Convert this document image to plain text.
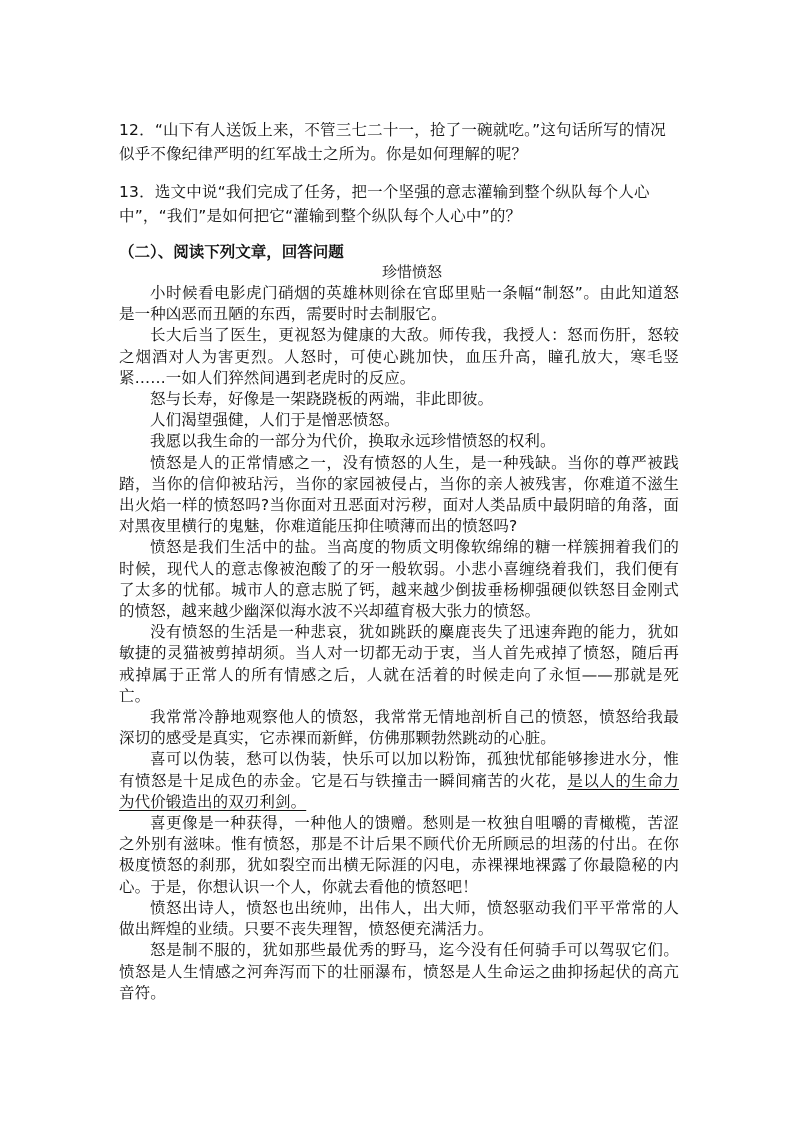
12．“山下有人送饭上来，不管三七二十一，抢了一碗就吃。”这句话所写的情况似乎不像纪律严明的红军战士之所为。你是如何理解的呢？

13．选文中说“我们完成了任务，把一个坚强的意志灌输到整个纵队每个人心中”，“我们”是如何把它“灌输到整个纵队每个人心中”的？

（二）、阅读下列文章，回答问题

珍惜愤怒

小时候看电影虎门硝烟的英雄林则徐在官邸里贴一条幅“制怒”。由此知道怒是一种凶恶而丑陋的东西，需要时时去制服它。

长大后当了医生，更视怒为健康的大敌。师传我，我授人：怒而伤肝，怒较之烟酒对人为害更烈。人怒时，可使心跳加快，血压升高，瞳孔放大，寒毛竖紧……一如人们猝然间遇到老虎时的反应。

怒与长寿，好像是一架跷跷板的两端，非此即彼。

人们渴望强健，人们于是憎恶愤怒。

我愿以我生命的一部分为代价，换取永远珍惜愤怒的权利。

愤怒是人的正常情感之一，没有愤怒的人生，是一种残缺。当你的尊严被践踏，当你的信仰被玷污，当你的家园被侵占，当你的亲人被残害，你难道不滋生出火焰一样的愤怒吗?当你面对丑恶面对污秽，面对人类品质中最阴暗的角落，面对黑夜里横行的鬼魅，你难道能压抑住喷薄而出的愤怒吗?

愤怒是我们生活中的盐。当高度的物质文明像软绵绵的糖一样簇拥着我们的时候，现代人的意志像被泡酸了的牙一般软弱。小悲小喜缠绕着我们，我们便有了太多的忧郁。城市人的意志脱了钙，越来越少倒拔垂杨柳强硬似铁怒目金刚式的愤怒，越来越少幽深似海水波不兴却蕴育极大张力的愤怒。

没有愤怒的生活是一种悲哀，犹如跳跃的麋鹿丧失了迅速奔跑的能力，犹如敏捷的灵猫被剪掉胡须。当人对一切都无动于衷，当人首先戒掉了愤怒，随后再戒掉属于正常人的所有情感之后，人就在活着的时候走向了永恒——那就是死亡。

我常常冷静地观察他人的愤怒，我常常无情地剖析自己的愤怒，愤怒给我最深切的感受是真实，它赤裸而新鲜，仿佛那颗勃然跳动的心脏。

喜可以伪装，愁可以伪装，快乐可以加以粉饰，孤独忧郁能够掺进水分，惟有愤怒是十足成色的赤金。它是石与铁撞击一瞬间痛苦的火花，是以人的生命力为代价锻造出的双刃利剑。

喜更像是一种获得，一种他人的馈赠。愁则是一枚独自咀嚼的青橄榄，苦涩之外别有滋味。惟有愤怒，那是不计后果不顾代价无所顾忌的坦荡的付出。在你极度愤怒的刹那，犹如裂空而出横无际涯的闪电，赤裸裸地裸露了你最隐秘的内心。于是，你想认识一个人，你就去看他的愤怒吧！

愤怒出诗人，愤怒也出统帅，出伟人，出大师，愤怒驱动我们平平常常的人做出辉煌的业绩。只要不丧失理智，愤怒便充满活力。

怒是制不服的，犹如那些最优秀的野马，迄今没有任何骑手可以驾驭它们。愤怒是人生情感之河奔泻而下的壮丽瀑布，愤怒是人生命运之曲抑扬起伏的高亢音符。
